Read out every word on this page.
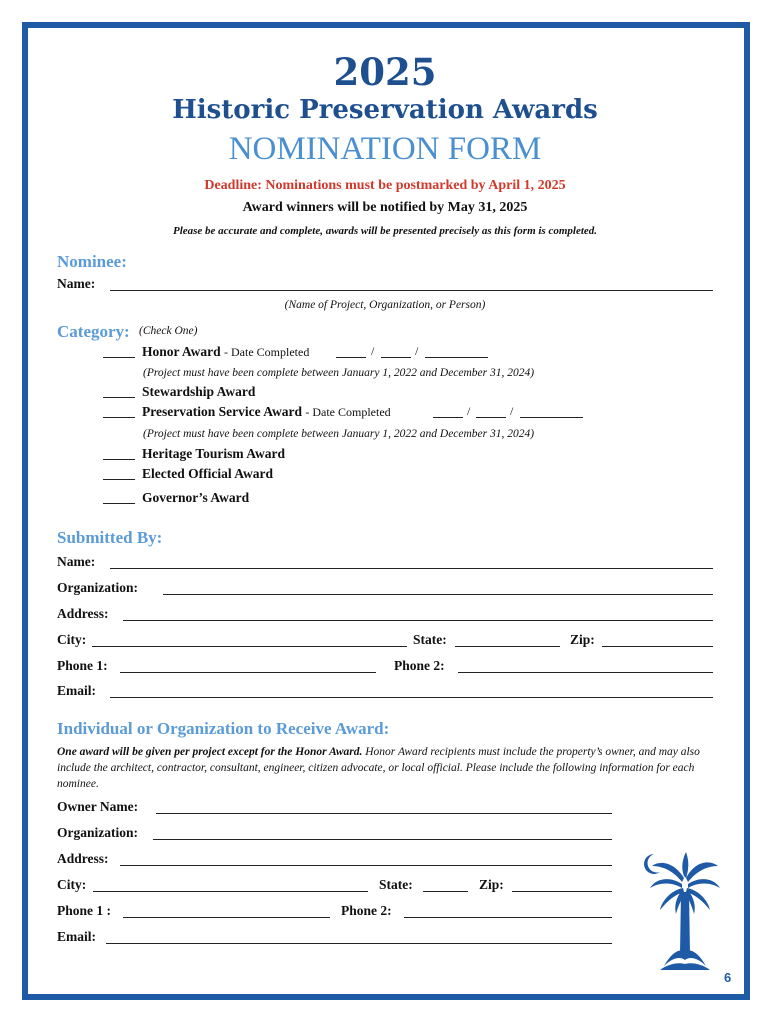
2025
Historic Preservation Awards
NOMINATION FORM
Deadline: Nominations must be postmarked by April 1, 2025
Award winners will be notified by May 31, 2025
Please be accurate and complete, awards will be presented precisely as this form is completed.
Nominee:
Name:
(Name of Project, Organization, or Person)
Category: (Check One)
Honor Award - Date Completed	/	/
(Project must have been complete between January 1, 2022 and December 31, 2024)
Stewardship Award
Preservation Service Award - Date Completed	/	/
(Project must have been complete between January 1, 2022 and December 31, 2024)
Heritage Tourism Award
Elected Official Award
Governor’s Award
Submitted By:
Name:
Organization:
Address:
City:	State:	Zip:
Phone 1:	Phone 2:
Email:
Individual or Organization to Receive Award:
One award will be given per project except for the Honor Award. Honor Award recipients must include the property’s owner, and may also include the architect, contractor, consultant, engineer, citizen advocate, or local official. Please include the following information for each nominee.
Owner Name:
Organization:
Address:
City:	State:	Zip:
Phone 1 :	Phone 2:
Email:
6
